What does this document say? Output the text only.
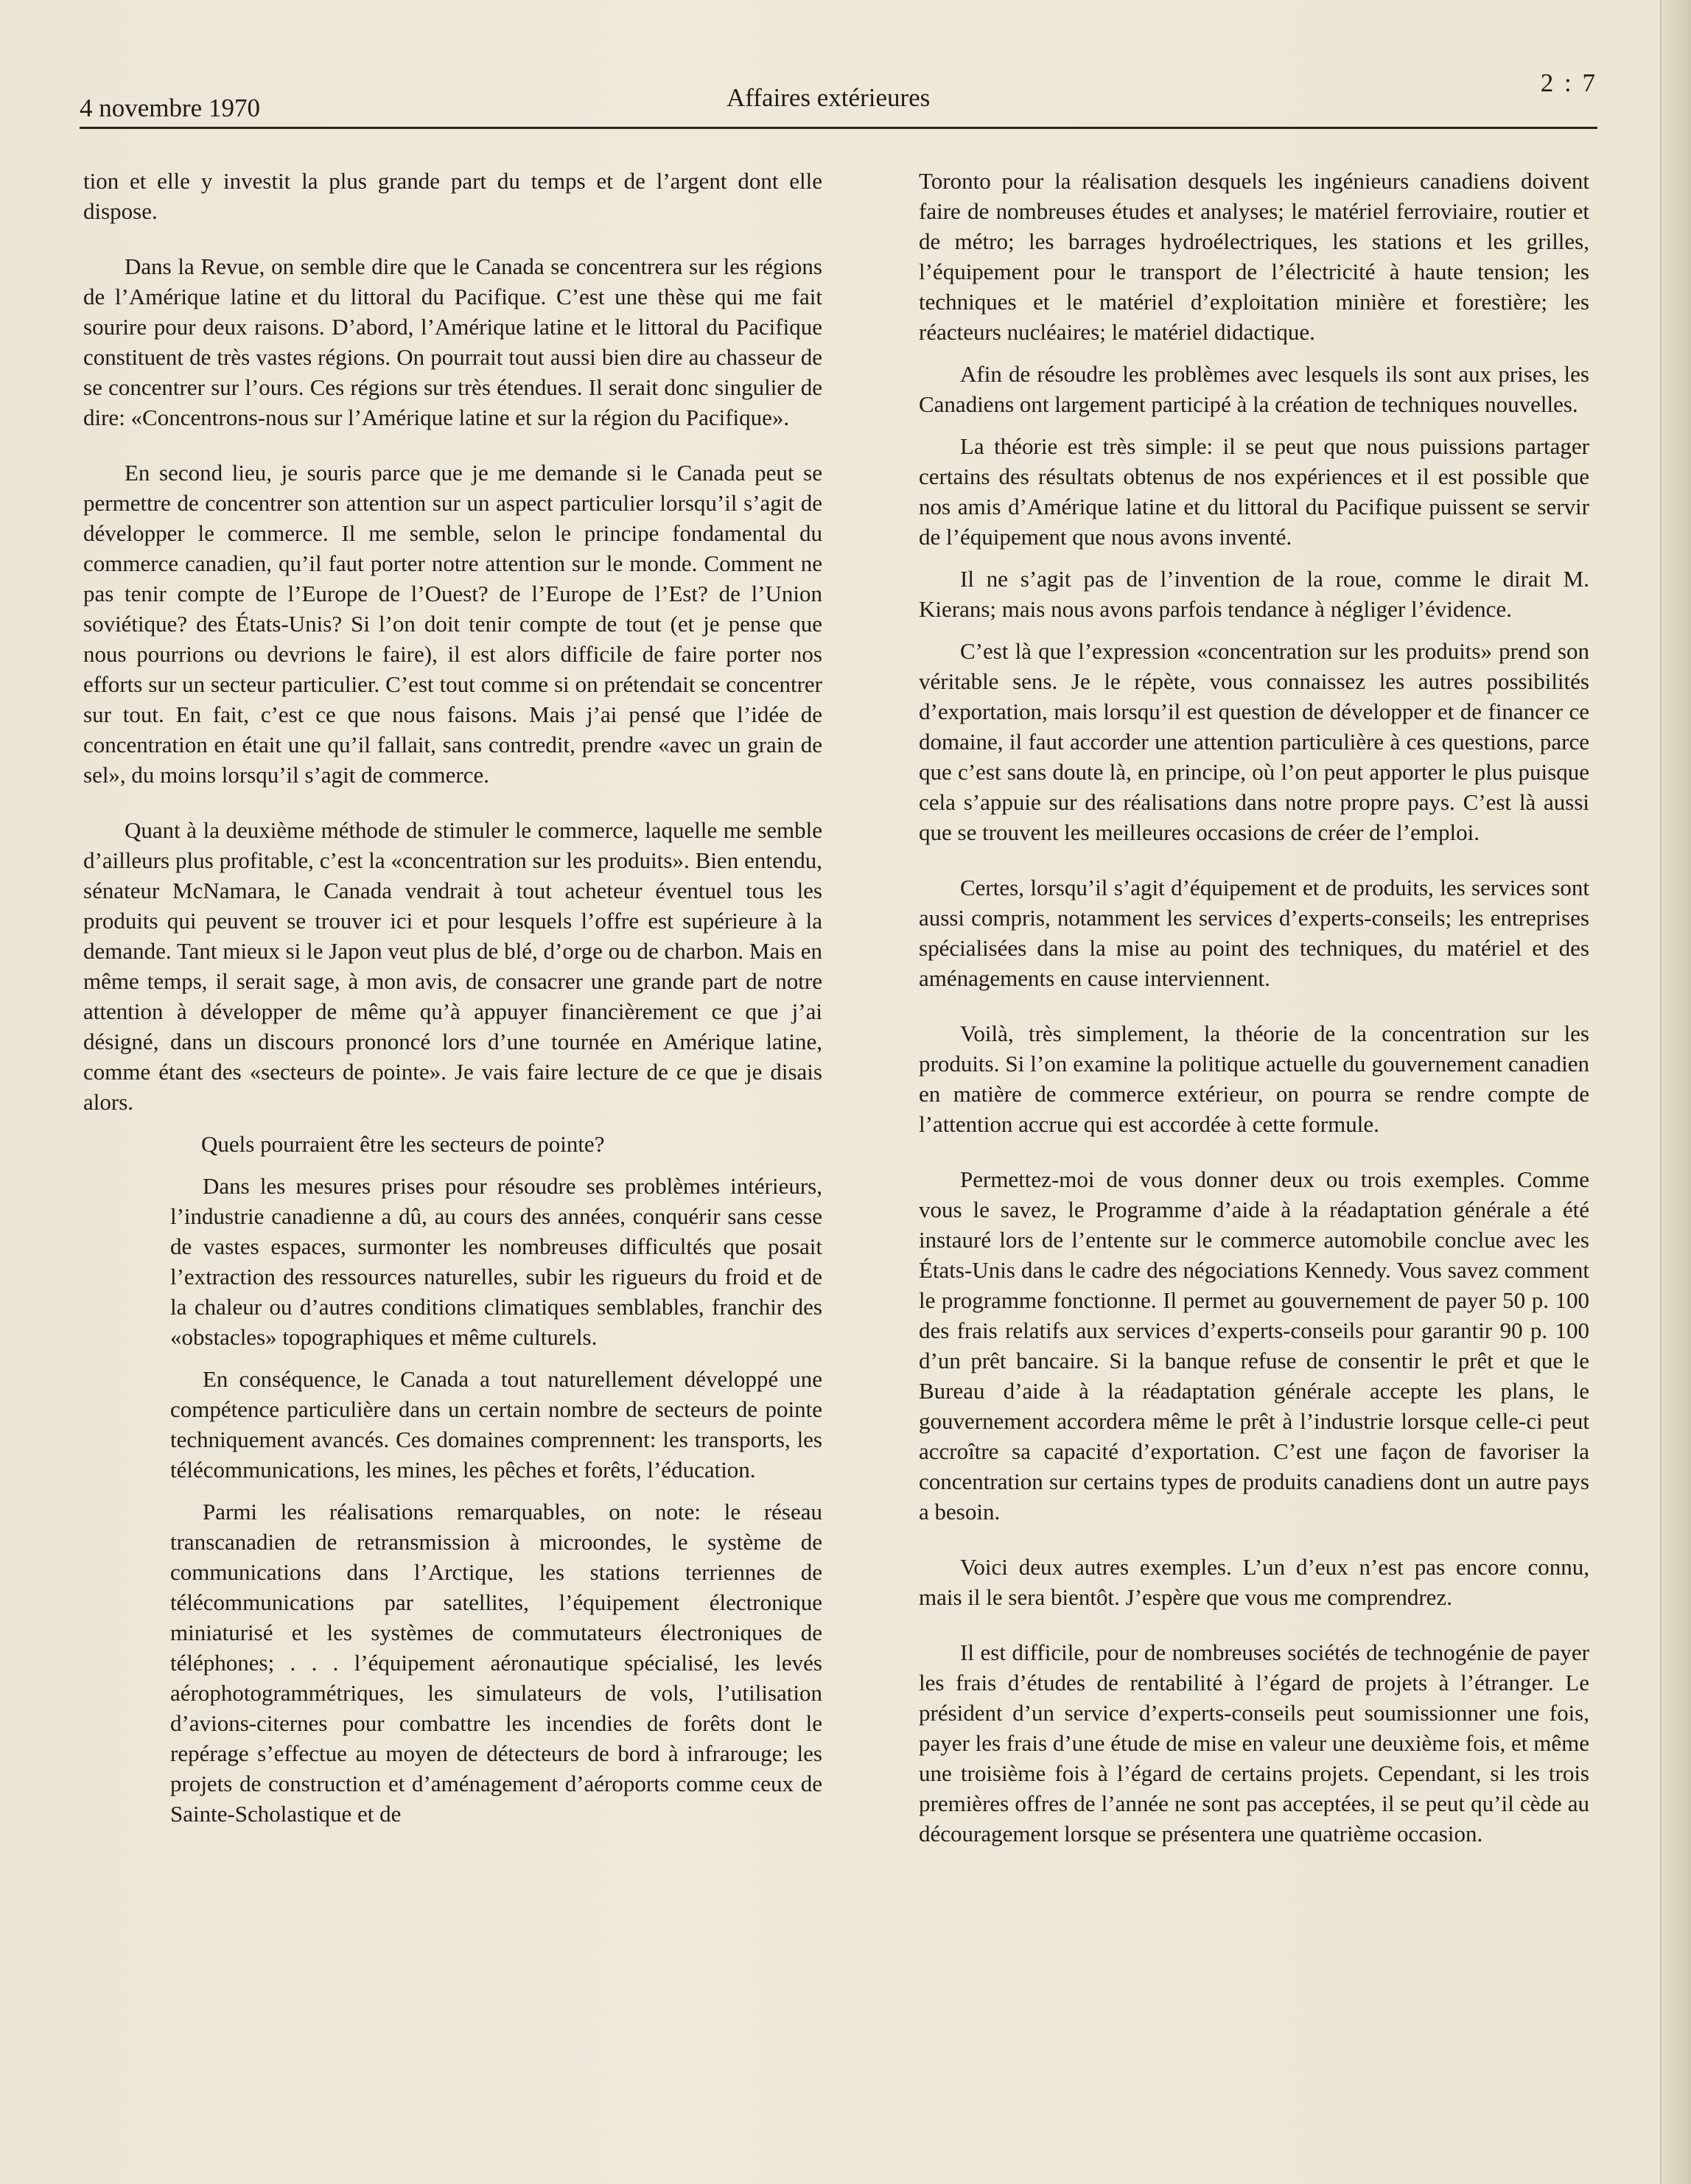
4 novembre 1970	Affaires extérieures
2 : 7

tion et elle y investit la plus grande part du temps et de l’argent dont elle dispose.

Dans la Revue, on semble dire que le Canada se concentrera sur les régions de l’Amérique latine et du littoral du Pacifique. C’est une thèse qui me fait sourire pour deux raisons. D’abord, l’Amérique latine et le littoral du Pacifique constituent de très vastes régions. On pourrait tout aussi bien dire au chasseur de se concentrer sur l’ours. Ces régions sur très étendues. Il serait donc singulier de dire: «Concentrons-nous sur l’Amérique latine et sur la région du Pacifique».

En second lieu, je souris parce que je me demande si le Canada peut se permettre de concentrer son attention sur un aspect particulier lorsqu’il s’agit de développer le commerce. Il me semble, selon le principe fondamental du commerce canadien, qu’il faut porter notre attention sur le monde. Comment ne pas tenir compte de l’Europe de l’Ouest? de l’Europe de l’Est? de l’Union soviétique? des États-Unis? Si l’on doit tenir compte de tout (et je pense que nous pourrions ou devrions le faire), il est alors difficile de faire porter nos efforts sur un secteur particulier. C’est tout comme si on prétendait se concentrer sur tout. En fait, c’est ce que nous faisons. Mais j’ai pensé que l’idée de concentration en était une qu’il fallait, sans contredit, prendre «avec un grain de sel», du moins lorsqu’il s’agit de commerce.

Quant à la deuxième méthode de stimuler le commerce, laquelle me semble d’ailleurs plus profitable, c’est la «concentration sur les produits». Bien entendu, sénateur McNamara, le Canada vendrait à tout acheteur éventuel tous les produits qui peuvent se trouver ici et pour lesquels l’offre est supérieure à la demande. Tant mieux si le Japon veut plus de blé, d’orge ou de charbon. Mais en même temps, il serait sage, à mon avis, de consacrer une grande part de notre attention à développer de même qu’à appuyer financièrement ce que j’ai désigné, dans un discours prononcé lors d’une tournée en Amérique latine, comme étant des «secteurs de pointe». Je vais faire lecture de ce que je disais alors.

Quels pourraient être les secteurs de pointe?

Dans les mesures prises pour résoudre ses problèmes intérieurs, l’industrie canadienne a dû, au cours des années, conquérir sans cesse de vastes espaces, surmonter les nombreuses difficultés que posait l’extraction des ressources naturelles, subir les rigueurs du froid et de la chaleur ou d’autres conditions climatiques semblables, franchir des «obstacles» topographiques et même culturels.

En conséquence, le Canada a tout naturellement développé une compétence particulière dans un certain nombre de secteurs de pointe techniquement avancés. Ces domaines comprennent: les transports, les télécommunications, les mines, les pêches et forêts, l’éducation.

Parmi les réalisations remarquables, on note: le réseau transcanadien de retransmission à microondes, le système de communications dans l’Arctique, les stations terriennes de télécommunications par satellites, l’équipement électronique miniaturisé et les systèmes de commutateurs électroniques de téléphones; . . . l’équipement aéronautique spécialisé, les levés aérophotogrammétriques, les simulateurs de vols, l’utilisation d’avions-citernes pour combattre les incendies de forêts dont le repérage s’effectue au moyen de détecteurs de bord à infrarouge; les projets de construction et d’aménagement d’aéroports comme ceux de Sainte-Scholastique et de

Toronto pour la réalisation desquels les ingénieurs canadiens doivent faire de nombreuses études et analyses; le matériel ferroviaire, routier et de métro; les barrages hydroélectriques, les stations et les grilles, l’équipement pour le transport de l’électricité à haute tension; les techniques et le matériel d’exploitation minière et forestière; les réacteurs nucléaires; le matériel didactique.

Afin de résoudre les problèmes avec lesquels ils sont aux prises, les Canadiens ont largement participé à la création de techniques nouvelles.

La théorie est très simple: il se peut que nous puissions partager certains des résultats obtenus de nos expériences et il est possible que nos amis d’Amérique latine et du littoral du Pacifique puissent se servir de l’équipement que nous avons inventé.

Il ne s’agit pas de l’invention de la roue, comme le dirait M. Kierans; mais nous avons parfois tendance à négliger l’évidence.

C’est là que l’expression «concentration sur les produits» prend son véritable sens. Je le répète, vous connaissez les autres possibilités d’exportation, mais lorsqu’il est question de développer et de financer ce domaine, il faut accorder une attention particulière à ces questions, parce que c’est sans doute là, en principe, où l’on peut apporter le plus puisque cela s’appuie sur des réalisations dans notre propre pays. C’est là aussi que se trouvent les meilleures occasions de créer de l’emploi.

Certes, lorsqu’il s’agit d’équipement et de produits, les services sont aussi compris, notamment les services d’experts-conseils; les entreprises spécialisées dans la mise au point des techniques, du matériel et des aménagements en cause interviennent.

Voilà, très simplement, la théorie de la concentration sur les produits. Si l’on examine la politique actuelle du gouvernement canadien en matière de commerce extérieur, on pourra se rendre compte de l’attention accrue qui est accordée à cette formule.

Permettez-moi de vous donner deux ou trois exemples. Comme vous le savez, le Programme d’aide à la réadaptation générale a été instauré lors de l’entente sur le commerce automobile conclue avec les États-Unis dans le cadre des négociations Kennedy. Vous savez comment le programme fonctionne. Il permet au gouvernement de payer 50 p. 100 des frais relatifs aux services d’experts-conseils pour garantir 90 p. 100 d’un prêt bancaire. Si la banque refuse de consentir le prêt et que le Bureau d’aide à la réadaptation générale accepte les plans, le gouvernement accordera même le prêt à l’industrie lorsque celle-ci peut accroître sa capacité d’exportation. C’est une façon de favoriser la concentration sur certains types de produits canadiens dont un autre pays a besoin.

Voici deux autres exemples. L’un d’eux n’est pas encore connu, mais il le sera bientôt. J’espère que vous me comprendrez.

Il est difficile, pour de nombreuses sociétés de technogénie de payer les frais d’études de rentabilité à l’égard de projets à l’étranger. Le président d’un service d’experts-conseils peut soumissionner une fois, payer les frais d’une étude de mise en valeur une deuxième fois, et même une troisième fois à l’égard de certains projets. Cependant, si les trois premières offres de l’année ne sont pas acceptées, il se peut qu’il cède au découragement lorsque se présentera une quatrième occasion.
